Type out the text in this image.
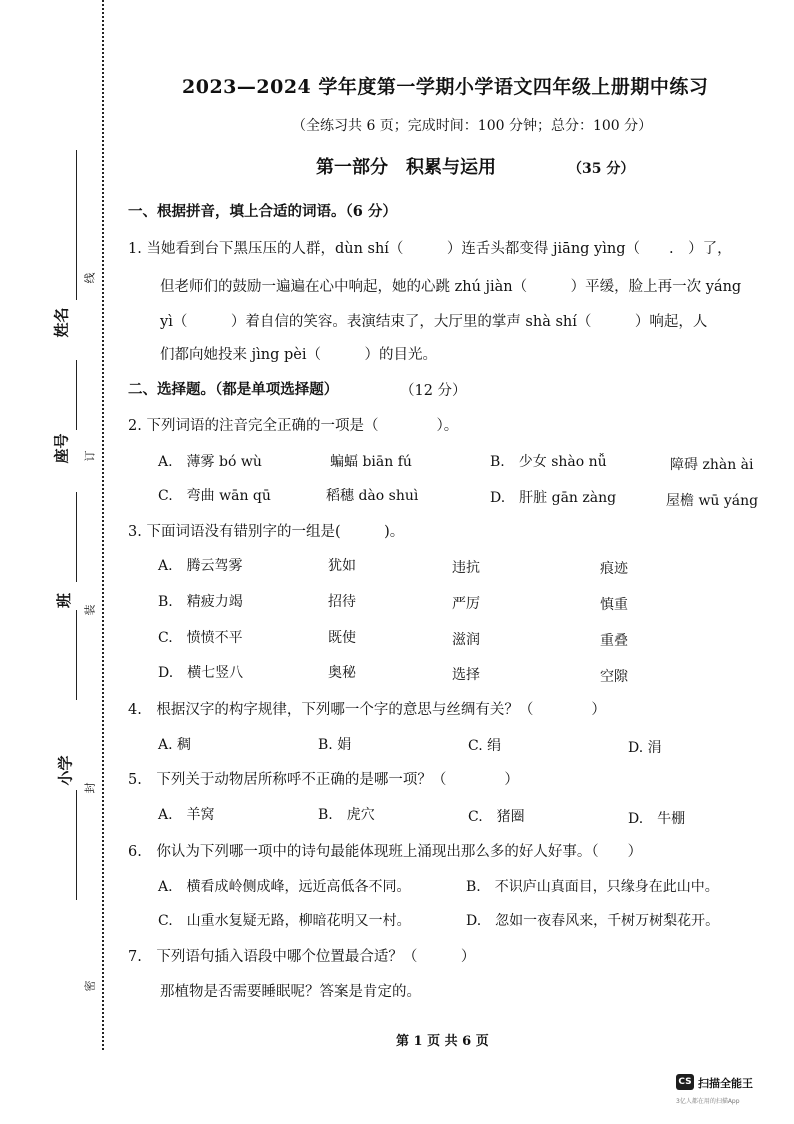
姓名
座号
班
小学
线
订
装
封
密
2023—2024 学年度第一学期小学语文四年级上册期中练习
（全练习共 6 页；完成时间：100 分钟；总分：100 分）
第一部分　积累与运用	（35 分）
一、根据拼音，填上合适的词语。（6 分）
1. 当她看到台下黑压压的人群，dùn shí（　　　）连舌头都变得 jiāng yìng（　　.　）了，
但老师们的鼓励一遍遍在心中响起，她的心跳 zhú jiàn（　　　）平缓，脸上再一次 yáng
yì（　　　）着自信的笑容。表演结束了，大厅里的掌声 shà shí（　　　）响起，人
们都向她投来 jìng pèi（　　　）的目光。
二、选择题。（都是单项选择题）	（12 分）
2. 下列词语的注音完全正确的一项是（　　　　）。
A.　薄雾 bó wù	蝙蝠 biān fú	B.　少女 shào nǚ	障碍 zhàn ài
C.　弯曲 wān qū	稻穗 dào shuì	D.　肝脏 gān zàng	屋檐 wū yáng
3. 下面词语没有错别字的一组是(　　　)。
A.　腾云驾雾	犹如	违抗	痕迹
B.　精疲力竭	招待	严厉	慎重
C.　愤愤不平	既使	滋润	重叠
D.　横七竖八	奥秘	选择	空隙
4.　根据汉字的构字规律，下列哪一个字的意思与丝绸有关？（　　　　）
A. 稠	B. 娟	C. 绢	D. 涓
5.　下列关于动物居所称呼不正确的是哪一项？（　　　　）
A.　羊窝	B.　虎穴	C.　猪圈	D.　牛棚
6.　你认为下列哪一项中的诗句最能体现班上涌现出那么多的好人好事。（　　）
A.　横看成岭侧成峰，远近高低各不同。	B.　不识庐山真面目，只缘身在此山中。
C.　山重水复疑无路，柳暗花明又一村。	D.　忽如一夜春风来，千树万树梨花开。
7.　下列语句插入语段中哪个位置最合适？（　　　）
那植物是否需要睡眠呢？答案是肯定的。
第 1 页 共 6 页
CS 扫描全能王
3亿人都在用的扫描App
